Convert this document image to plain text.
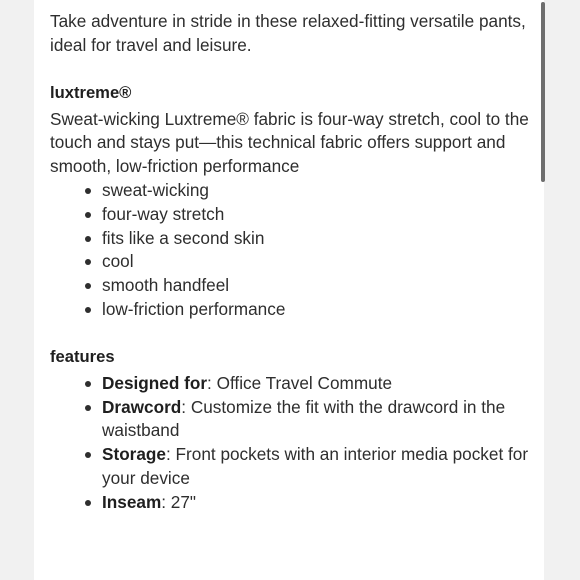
Take adventure in stride in these relaxed-fitting versatile pants, ideal for travel and leisure.

luxtreme®

Sweat-wicking Luxtreme® fabric is four-way stretch, cool to the touch and stays put—this technical fabric offers support and smooth, low-friction performance

sweat-wicking
four-way stretch
fits like a second skin
cool
smooth handfeel
low-friction performance
features
Designed for: Office Travel Commute
Drawcord: Customize the fit with the drawcord in the waistband
Storage: Front pockets with an interior media pocket for your device
Inseam: 27"
